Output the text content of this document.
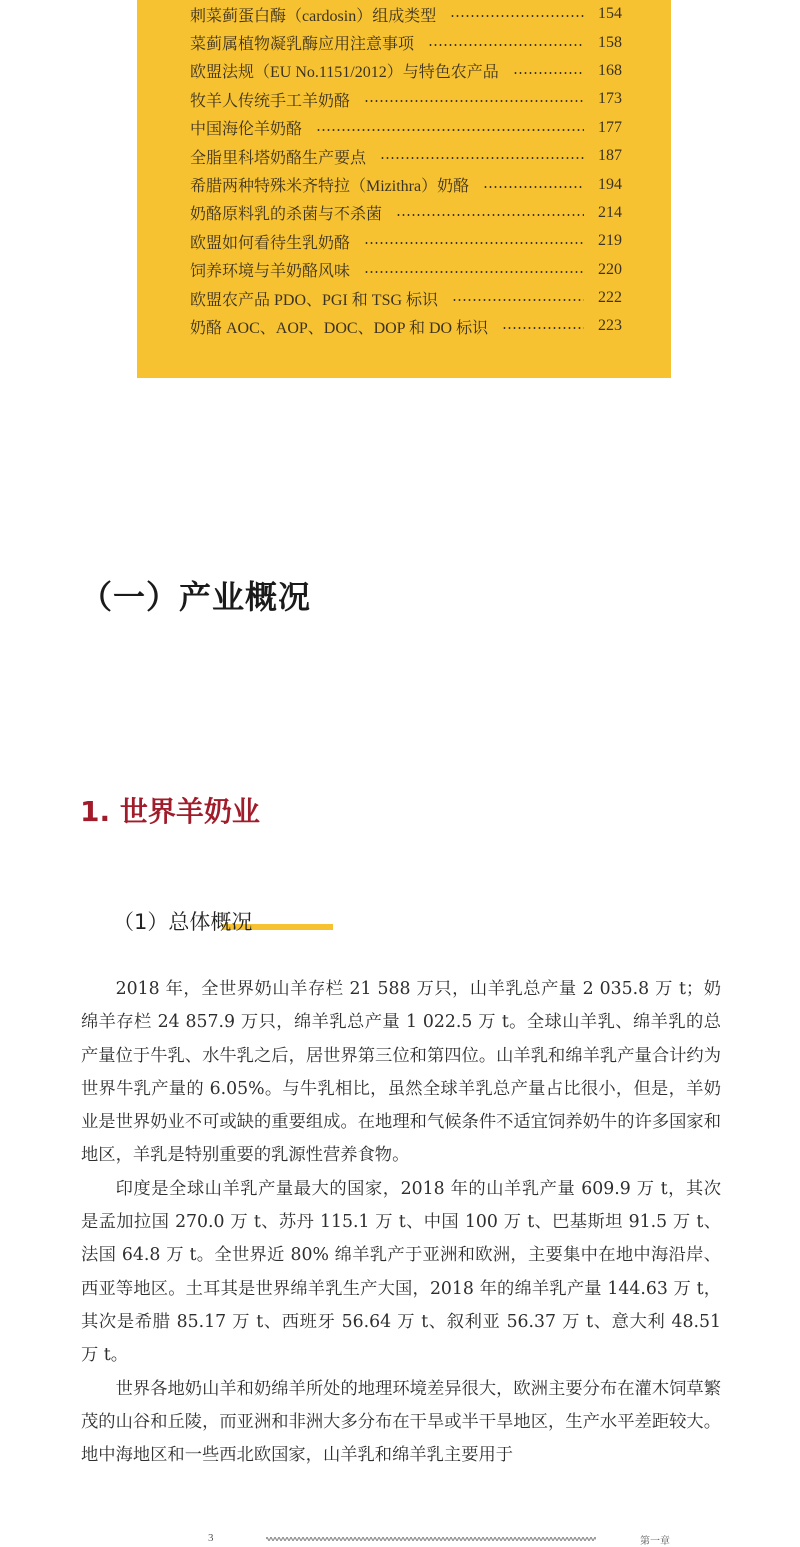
刺菜蓟蛋白酶（cardosin）组成类型	154
菜蓟属植物凝乳酶应用注意事项	158
欧盟法规（EU No.1151/2012）与特色农产品	168
牧羊人传统手工羊奶酪	173
中国海伦羊奶酪	177
全脂里科塔奶酪生产要点	187
希腊两种特殊米齐特拉（Mizithra）奶酪	194
奶酪原料乳的杀菌与不杀菌	214
欧盟如何看待生乳奶酪	219
饲养环境与羊奶酪风味	220
欧盟农产品 PDO、PGI 和 TSG 标识	222
奶酪 AOC、AOP、DOC、DOP 和 DO 标识	223
（一）产业概况
1. 世界羊奶业
（1）总体概况

2018 年，全世界奶山羊存栏 21 588 万只，山羊乳总产量 2 035.8 万 t；奶绵羊存栏 24 857.9 万只，绵羊乳总产量 1 022.5 万 t。全球山羊乳、绵羊乳的总产量位于牛乳、水牛乳之后，居世界第三位和第四位。山羊乳和绵羊乳产量合计约为世界牛乳产量的 6.05%。与牛乳相比，虽然全球羊乳总产量占比很小，但是，羊奶业是世界奶业不可或缺的重要组成。在地理和气候条件不适宜饲养奶牛的许多国家和地区，羊乳是特别重要的乳源性营养食物。

印度是全球山羊乳产量最大的国家，2018 年的山羊乳产量 609.9 万 t，其次是孟加拉国 270.0 万 t、苏丹 115.1 万 t、中国 100 万 t、巴基斯坦 91.5 万 t、法国 64.8 万 t。全世界近 80% 绵羊乳产于亚洲和欧洲，主要集中在地中海沿岸、西亚等地区。土耳其是世界绵羊乳生产大国，2018 年的绵羊乳产量 144.63 万 t，其次是希腊 85.17 万 t、西班牙 56.64 万 t、叙利亚 56.37 万 t、意大利 48.51 万 t。

世界各地奶山羊和奶绵羊所处的地理环境差异很大，欧洲主要分布在灌木饲草繁茂的山谷和丘陵，而亚洲和非洲大多分布在干旱或半干旱地区，生产水平差距较大。地中海地区和一些西北欧国家，山羊乳和绵羊乳主要用于

3	第一章
